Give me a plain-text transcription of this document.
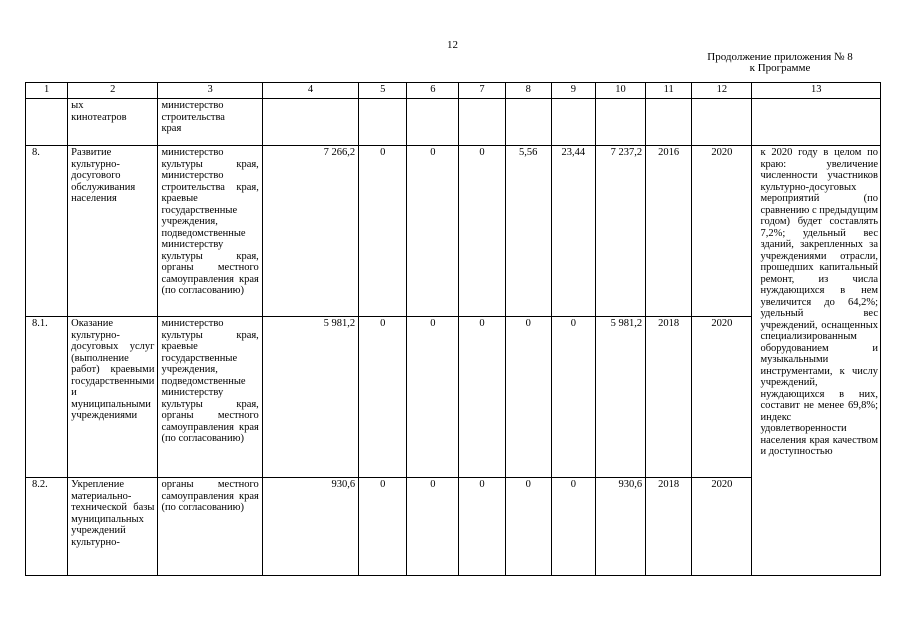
12
Продолжение приложения № 8
к Программе
1	2	3	4	5	6	7	8	9	10	11	12	13
	ых
кинотеатров	министерство
строительства
края										
8.	Развитие культурно-досугового обслуживания населения	министерство культуры края, министерство строительства края, краевые государственные учреждения, подведомственные министерству культуры края, органы местного самоуправления края (по согласованию)	7 266,2	0	0	0	5,56	23,44	7 237,2	2016	2020	к 2020 году в целом по краю: увеличение численности участников культурно-досуговых мероприятий (по сравнению с предыдущим годом) будет составлять 7,2%; удельный вес зданий, закрепленных за учреждениями отрасли, прошедших капитальный ремонт, из числа нуждающихся в нем увеличится до 64,2%; удельный вес учреждений, оснащенных специализированным оборудованием и музыкальными инструментами, к числу учреждений, нуждающихся в них, составит не менее 69,8%; индекс удовлетворенности населения края качеством и доступностью
8.1.	Оказание культурно-досуговых услуг (выполнение работ) краевыми государственными и муниципальными учреждениями	министерство культуры края, краевые государственные учреждения, подведомственные министерству культуры края, органы местного самоуправления края (по согласованию)	5 981,2	0	0	0	0	0	5 981,2	2018	2020	
8.2.	Укрепление материально-технической базы муниципальных учреждений культурно-	органы местного самоуправления края (по согласованию)	930,6	0	0	0	0	0	930,6	2018	2020	
